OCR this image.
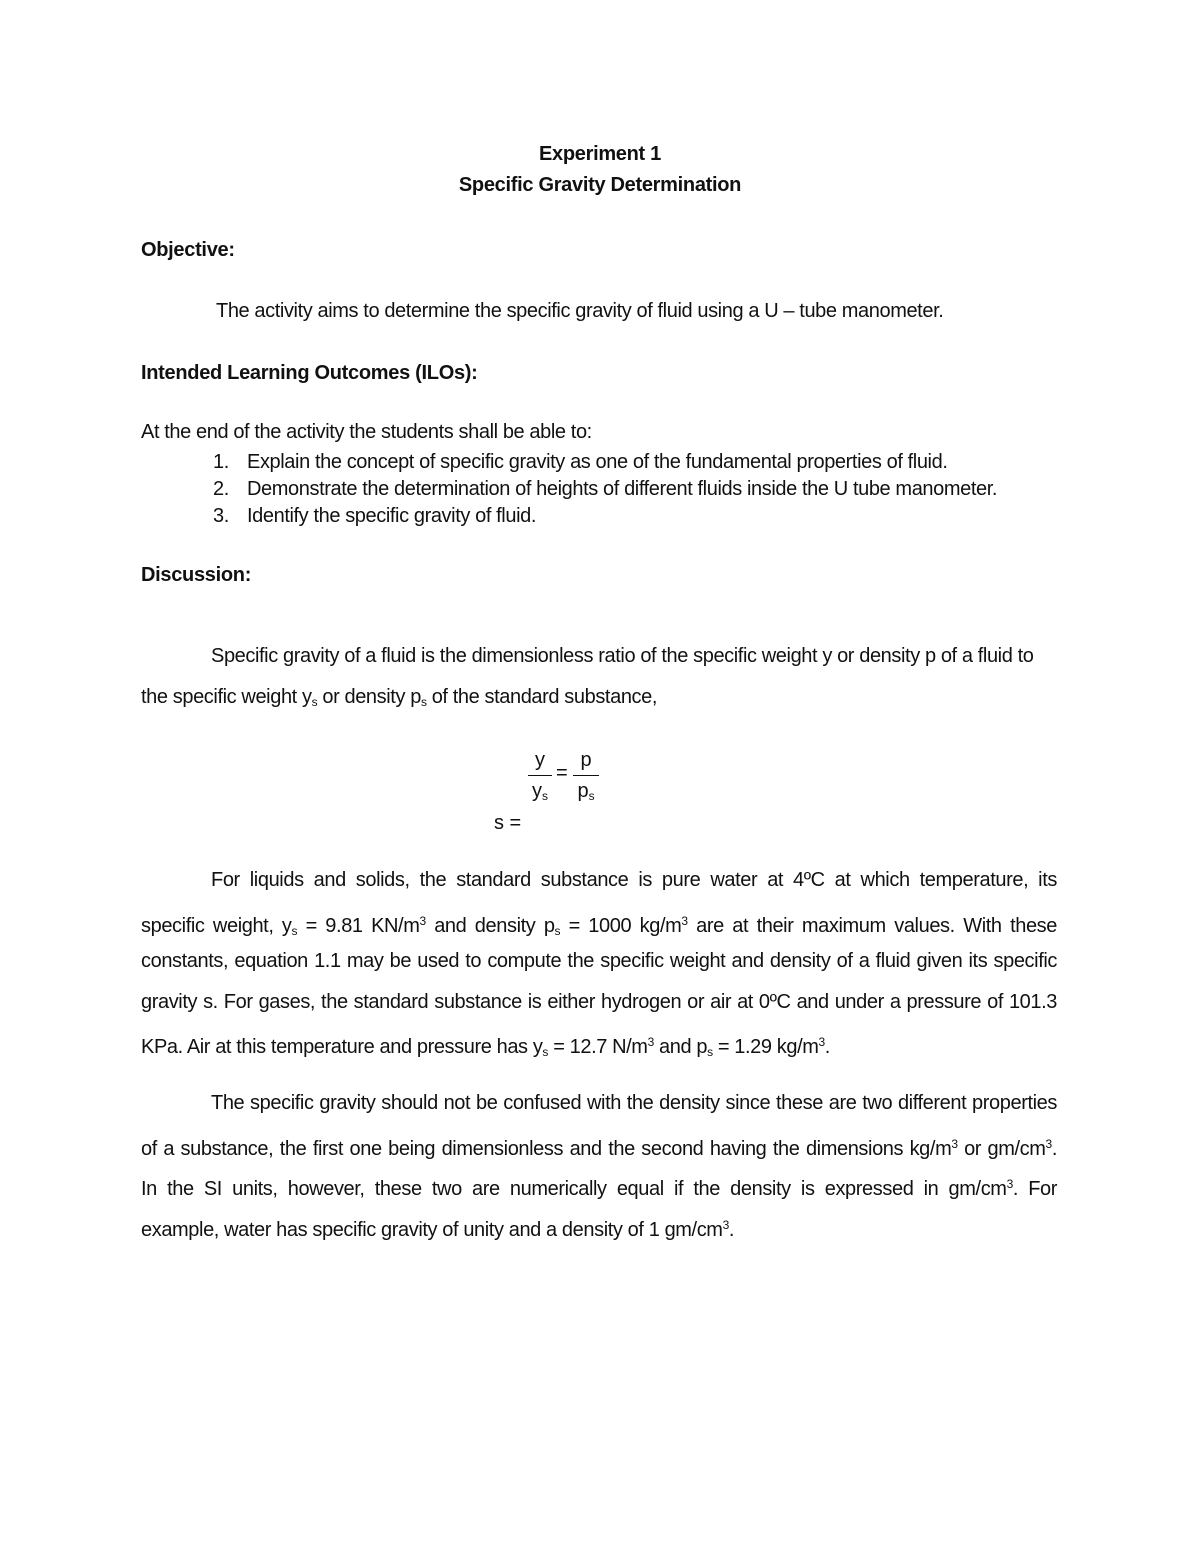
Experiment 1
Specific Gravity Determination
Objective:
The activity aims to determine the specific gravity of fluid using a U – tube manometer.
Intended Learning Outcomes (ILOs):
At the end of the activity the students shall be able to:
1. Explain the concept of specific gravity as one of the fundamental properties of fluid.
2. Demonstrate the determination of heights of different fluids inside the U tube manometer.
3. Identify the specific gravity of fluid.
Discussion:
Specific gravity of a fluid is the dimensionless ratio of the specific weight y or density p of a fluid to
the specific weight $y_s$ or density $p_s$ of the standard substance,
y
$y_s$
=
p
$p_s$
s =
For liquids and solids, the standard substance is pure water at 4ºC at which temperature, its
specific weight, $y_s = 9.81$ $KN/m^3$ and density $p_s = 1000$ $kg/m^3$ are at their maximum values. With these
constants, equation 1.1 may be used to compute the specific weight and density of a fluid given its specific
gravity s. For gases, the standard substance is either hydrogen or air at 0ºC and under a pressure of 101.3
KPa. Air at this temperature and pressure has $y_s = 12.7$ $N/m^3$ and $p_s = 1.29$ $kg/m^3$.
The specific gravity should not be confused with the density since these are two different properties
of a substance, the first one being dimensionless and the second having the dimensions $kg/m^3$ or $gm/cm^3$.
In the SI units, however, these two are numerically equal if the density is expressed in $gm/cm^3$. For
example, water has specific gravity of unity and a density of 1 $gm/cm^3$.
